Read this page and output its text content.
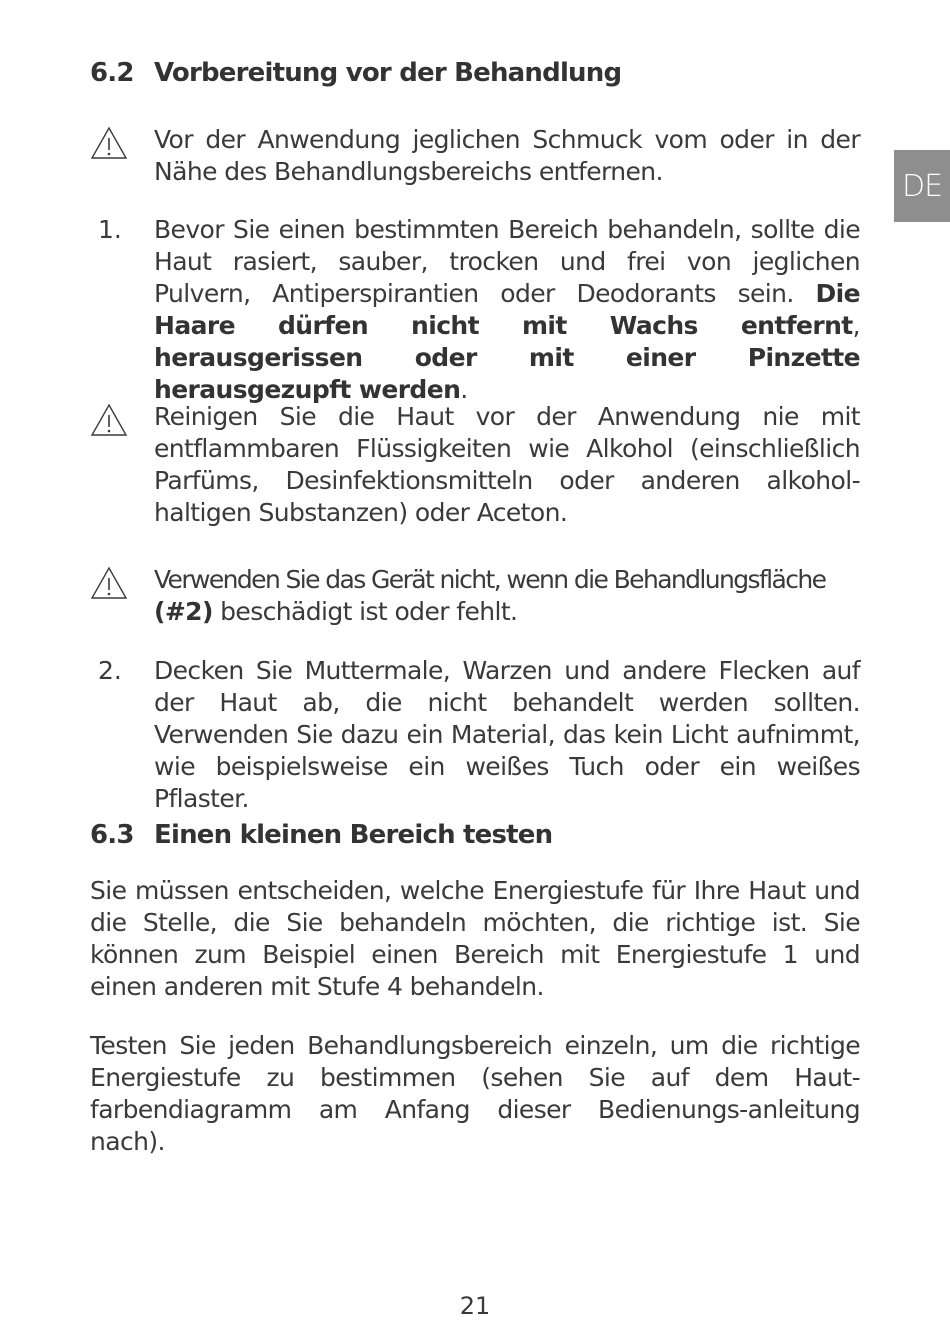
DE
6.2 Vorbereitung vor der Behandlung

Vor der Anwendung jeglichen Schmuck vom oder in der Nähe des Behandlungsbereichs entfernen.

1. Bevor Sie einen bestimmten Bereich behandeln, sollte die Haut rasiert, sauber, trocken und frei von jeglichen Pulvern, Antiperspirantien oder Deodorants sein. Die Haare dürfen nicht mit Wachs entfernt, herausgerissen oder mit einer Pinzette herausgezupft werden.

Reinigen Sie die Haut vor der Anwendung nie mit entflammbaren Flüssigkeiten wie Alkohol (einschließlich Parfüms, Desinfektionsmitteln oder anderen alkohol-haltigen Substanzen) oder Aceton.

Verwenden Sie das Gerät nicht, wenn die Behandlungsfläche (#2) beschädigt ist oder fehlt.

2. Decken Sie Muttermale, Warzen und andere Flecken auf der Haut ab, die nicht behandelt werden sollten. Verwenden Sie dazu ein Material, das kein Licht aufnimmt, wie beispielsweise ein weißes Tuch oder ein weißes Pflaster.

6.3 Einen kleinen Bereich testen

Sie müssen entscheiden, welche Energiestufe für Ihre Haut und die Stelle, die Sie behandeln möchten, die richtige ist. Sie können zum Beispiel einen Bereich mit Energiestufe 1 und einen anderen mit Stufe 4 behandeln.

Testen Sie jeden Behandlungsbereich einzeln, um die richtige Energiestufe zu bestimmen (sehen Sie auf dem Haut-farbendiagramm am Anfang dieser Bedienungs-anleitung nach).

21
